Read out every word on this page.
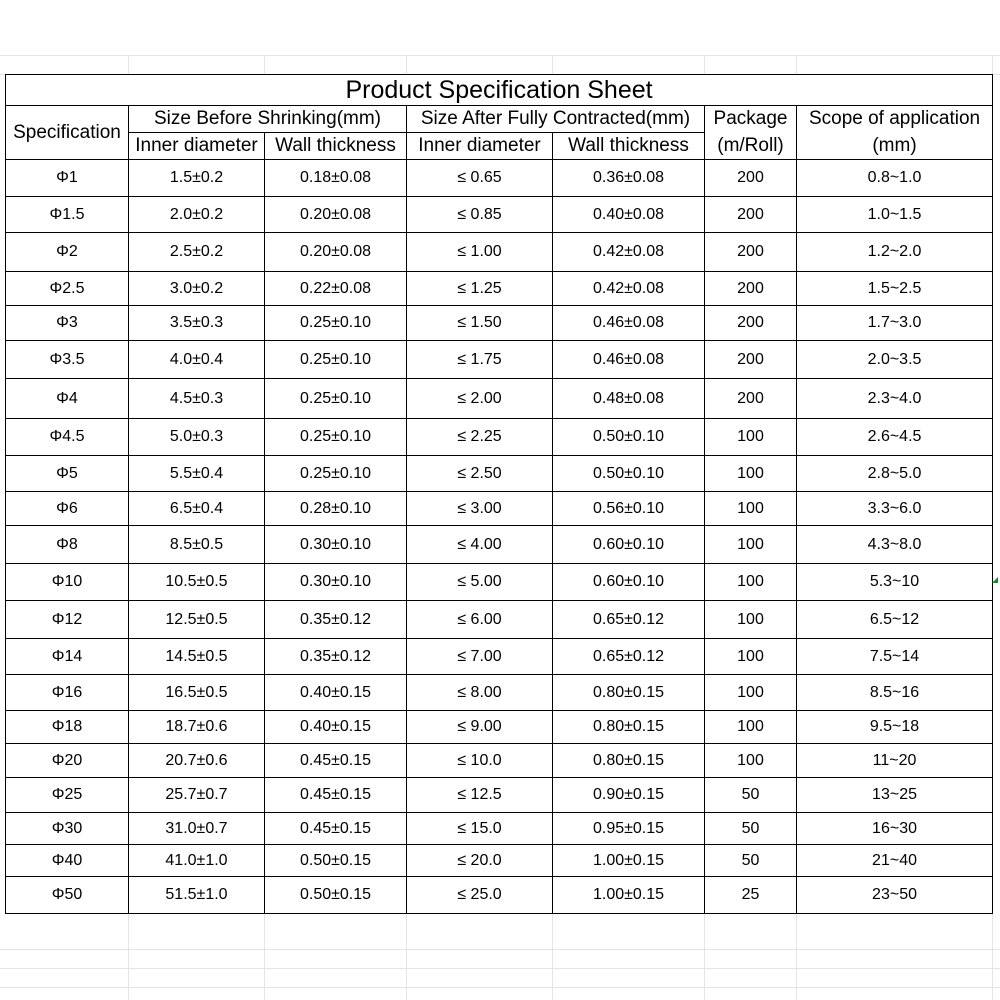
Product Specification Sheet						
Specification	Size Before Shrinking(mm)		Size After Fully Contracted(mm)		Package	Scope of application
	Inner diameter	Wall thickness	Inner diameter	Wall thickness	(m/Roll)	(mm)
Φ1	1.5±0.2	0.18±0.08	≤ 0.65	0.36±0.08	200	0.8~1.0
Φ1.5	2.0±0.2	0.20±0.08	≤ 0.85	0.40±0.08	200	1.0~1.5
Φ2	2.5±0.2	0.20±0.08	≤ 1.00	0.42±0.08	200	1.2~2.0
Φ2.5	3.0±0.2	0.22±0.08	≤ 1.25	0.42±0.08	200	1.5~2.5
Φ3	3.5±0.3	0.25±0.10	≤ 1.50	0.46±0.08	200	1.7~3.0
Φ3.5	4.0±0.4	0.25±0.10	≤ 1.75	0.46±0.08	200	2.0~3.5
Φ4	4.5±0.3	0.25±0.10	≤ 2.00	0.48±0.08	200	2.3~4.0
Φ4.5	5.0±0.3	0.25±0.10	≤ 2.25	0.50±0.10	100	2.6~4.5
Φ5	5.5±0.4	0.25±0.10	≤ 2.50	0.50±0.10	100	2.8~5.0
Φ6	6.5±0.4	0.28±0.10	≤ 3.00	0.56±0.10	100	3.3~6.0
Φ8	8.5±0.5	0.30±0.10	≤ 4.00	0.60±0.10	100	4.3~8.0
Φ10	10.5±0.5	0.30±0.10	≤ 5.00	0.60±0.10	100	5.3~10
Φ12	12.5±0.5	0.35±0.12	≤ 6.00	0.65±0.12	100	6.5~12
Φ14	14.5±0.5	0.35±0.12	≤ 7.00	0.65±0.12	100	7.5~14
Φ16	16.5±0.5	0.40±0.15	≤ 8.00	0.80±0.15	100	8.5~16
Φ18	18.7±0.6	0.40±0.15	≤ 9.00	0.80±0.15	100	9.5~18
Φ20	20.7±0.6	0.45±0.15	≤ 10.0	0.80±0.15	100	11~20
Φ25	25.7±0.7	0.45±0.15	≤ 12.5	0.90±0.15	50	13~25
Φ30	31.0±0.7	0.45±0.15	≤ 15.0	0.95±0.15	50	16~30
Φ40	41.0±1.0	0.50±0.15	≤ 20.0	1.00±0.15	50	21~40
Φ50	51.5±1.0	0.50±0.15	≤ 25.0	1.00±0.15	25	23~50
